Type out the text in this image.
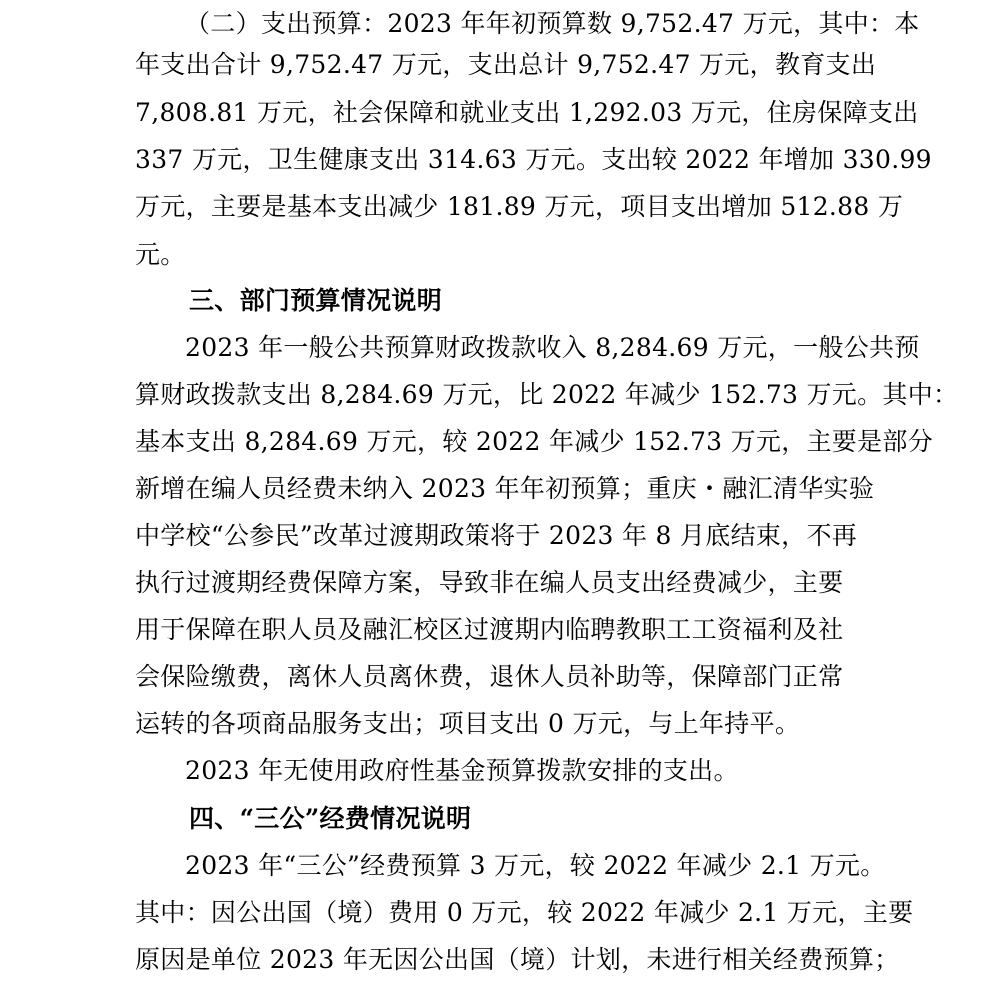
（二）支出预算：2023 年年初预算数 9,752.47 万元，其中：本
年支出合计 9,752.47 万元，支出总计 9,752.47 万元，教育支出
7,808.81 万元，社会保障和就业支出 1,292.03 万元，住房保障支出
337 万元，卫生健康支出 314.63 万元。支出较 2022 年增加 330.99
万元，主要是基本支出减少 181.89 万元，项目支出增加 512.88 万
元。
三、部门预算情况说明
2023 年一般公共预算财政拨款收入 8,284.69 万元，一般公共预
算财政拨款支出 8,284.69 万元，比 2022 年减少 152.73 万元。其中：
基本支出 8,284.69 万元，较 2022 年减少 152.73 万元，主要是部分
新增在编人员经费未纳入 2023 年年初预算；重庆・融汇清华实验
中学校“公参民”改革过渡期政策将于 2023 年 8 月底结束，不再
执行过渡期经费保障方案，导致非在编人员支出经费减少，主要
用于保障在职人员及融汇校区过渡期内临聘教职工工资福利及社
会保险缴费，离休人员离休费，退休人员补助等，保障部门正常
运转的各项商品服务支出；项目支出 0 万元，与上年持平。
2023 年无使用政府性基金预算拨款安排的支出。
四、“三公”经费情况说明
2023 年“三公”经费预算 3 万元，较 2022 年减少 2.1 万元。
其中：因公出国（境）费用 0 万元，较 2022 年减少 2.1 万元，主要
原因是单位 2023 年无因公出国（境）计划，未进行相关经费预算；
